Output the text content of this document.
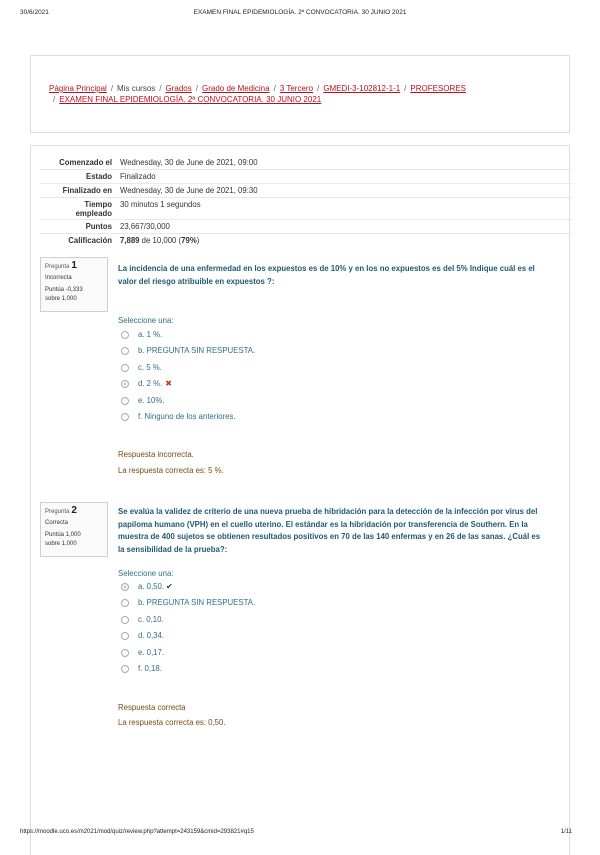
30/6/2021	EXAMEN FINAL EPIDEMIOLOGÍA. 2ª CONVOCATORIA. 30 JUNIO 2021
Página Principal / Mis cursos / Grados / Grado de Medicina / 3 Tercero / GMEDI-3-102812-1-1 / PROFESORES
/ EXAMEN FINAL EPIDEMIOLOGÍA. 2ª CONVOCATORIA. 30 JUNIO 2021
Comenzado el	Wednesday, 30 de June de 2021, 09:00
Estado	Finalizado
Finalizado en	Wednesday, 30 de June de 2021, 09:30
Tiempo
empleado	30 minutos 1 segundos
Puntos	23,667/30,000
Calificación	7,889 de 10,000 (79%)
Pregunta 1
Incorrecta
Puntúa -0,333
sobre 1,000
La incidencia de una enfermedad en los expuestos es de 10% y en los no expuestos es del 5% Indique cuál es el valor del riesgo atribuible en expuestos ?:
Seleccione una:
a. 1 %.
b. PREGUNTA SIN RESPUESTA.
c. 5 %.
d. 2 %. ✖
e. 10%.
f. Ninguno de los anteriores.
Respuesta incorrecta.
La respuesta correcta es: 5 %.
Pregunta 2
Correcta
Puntúa 1,000
sobre 1,000
Se evalúa la validez de criterio de una nueva prueba de hibridación para la detección de la infección por virus del papiloma humano (VPH) en el cuello uterino. El estándar es la hibridación por transferencia de Southern. En la muestra de 400 sujetos se obtienen resultados positivos en 70 de las 140 enfermas y en 26 de las sanas. ¿Cuál es la sensibilidad de la prueba?:
Seleccione una:
a. 0,50. ✔
b. PREGUNTA SIN RESPUESTA.
c. 0,10.
d. 0,34.
e. 0,17.
f. 0,18.
Respuesta correcta
La respuesta correcta es: 0,50.
https://moodle.uco.es/m2021/mod/quiz/review.php?attempt=243159&cmid=293821#q15	1/11
